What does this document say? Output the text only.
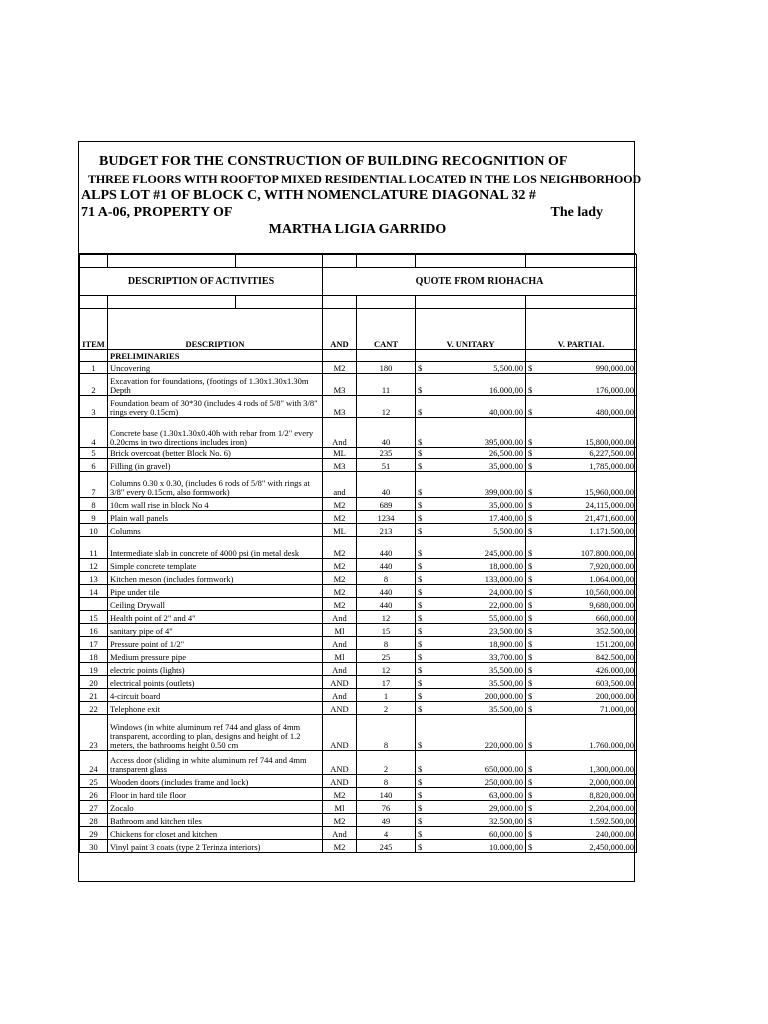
BUDGET FOR THE CONSTRUCTION OF BUILDING RECOGNITION OF
THREE FLOORS WITH ROOFTOP MIXED RESIDENTIAL LOCATED IN THE LOS NEIGHBORHOOD
ALPS LOT #1 OF BLOCK C, WITH NOMENCLATURE DIAGONAL 32 #
71 A-06, PROPERTY OF	The lady
MARTHA LIGIA GARRIDO

DESCRIPTION OF ACTIVITIES			QUOTE FROM RIOHACHA			

ITEM	DESCRIPTION		AND	CANT	V. UNITARY	V. PARTIAL
	PRELIMINARIES					
1	Uncovering		M2	180	$ 5,500.00	$ 990,000.00

2	Excavation for foundations, (footings of 1.30x1.30x1.30m Depth		M3	11	$ 16.000,00	$ 176,000.00

3	Foundation beam of 30*30 (includes 4 rods of 5/8" with 3/8" rings every 0.15cm)		M3	12	$ 40,000.00	$ 480,000.00

4	Concrete base (1.30x1.30x0.40h with rebar from 1/2" every 0.20cms in two directions includes iron)		And	40	$ 395,000.00	$ 15,800,000.00

5	Brick overcoat (better Block No. 6)		ML	235	$ 26,500.00	$ 6,227,500.00

6	Filling (in gravel)		M3	51	$ 35,000.00	$ 1,785,000.00

7	Columns 0.30 x 0.30, (includes 6 rods of 5/8" with rings at 3/8" every 0.15cm, also formwork)		and	40	$ 399,000.00	$ 15,960,000.00

8	10cm wall rise in block No 4		M2	689	$ 35,000.00	$ 24,115,000.00

9	Plain wall panels		M2	1234	$ 17.400,00	$ 21,471,600.00

10	Columns		ML	213	$ 5,500.00	$ 1.171.500,00

11	Intermediate slab in concrete of 4000 psi (in metal desk		M2	440	$ 245,000.00	$ 107.800.000,00

12	Simple concrete template		M2	440	$ 18,000.00	$ 7,920,000.00

13	Kitchen meson (includes formwork)		M2	8	$ 133,000.00	$ 1.064.000,00

14	Pipe under tile		M2	440	$ 24,000.00	$ 10,560,000.00

	Ceiling Drywall		M2	440	$ 22,000.00	$ 9,680,000.00

15	Health point of 2" and 4"		And	12	$ 55,000.00	$ 660,000.00

16	sanitary pipe of 4"		Ml	15	$ 23,500.00	$ 352.500,00

17	Pressure point of 1/2"		And	8	$ 18,900.00	$ 151.200,00

18	Medium pressure pipe		Ml	25	$ 33,700.00	$ 842.500,00

19	electric points (lights)		And	12	$ 35,500.00	$ 426.000,00

20	electrical points (outlets)		AND	17	$ 35.500,00	$ 603,500.00

21	4-circuit board		And	1	$ 200,000.00	$ 200,000.00

22	Telephone exit		AND	2	$ 35.500,00	$ 71.000,00

23	Windows (in white aluminum ref 744 and glass of 4mm transparent, according to plan, designs and height of 1.2 meters, the bathrooms height 0.50 cm		AND	8	$ 220,000.00	$ 1.760.000,00

24	Access door (sliding in white aluminum ref 744 and 4mm transparent glass		AND	2	$ 650,000.00	$ 1,300,000.00

25	Wooden doors (includes frame and lock)		AND	8	$ 250,000.00	$ 2,000,000.00

26	Floor in hard tile floor		M2	140	$ 63,000.00	$ 8,820,000.00

27	Zocalo		Ml	76	$ 29,000.00	$ 2,204,000.00

28	Bathroom and kitchen tiles		M2	49	$ 32.500,00	$ 1.592.500,00

29	Chickens for closet and kitchen		And	4	$ 60,000.00	$ 240,000.00

30	Vinyl paint 3 coats (type 2 Terinza interiors)		M2	245	$ 10.000,00	$ 2,450,000.00
